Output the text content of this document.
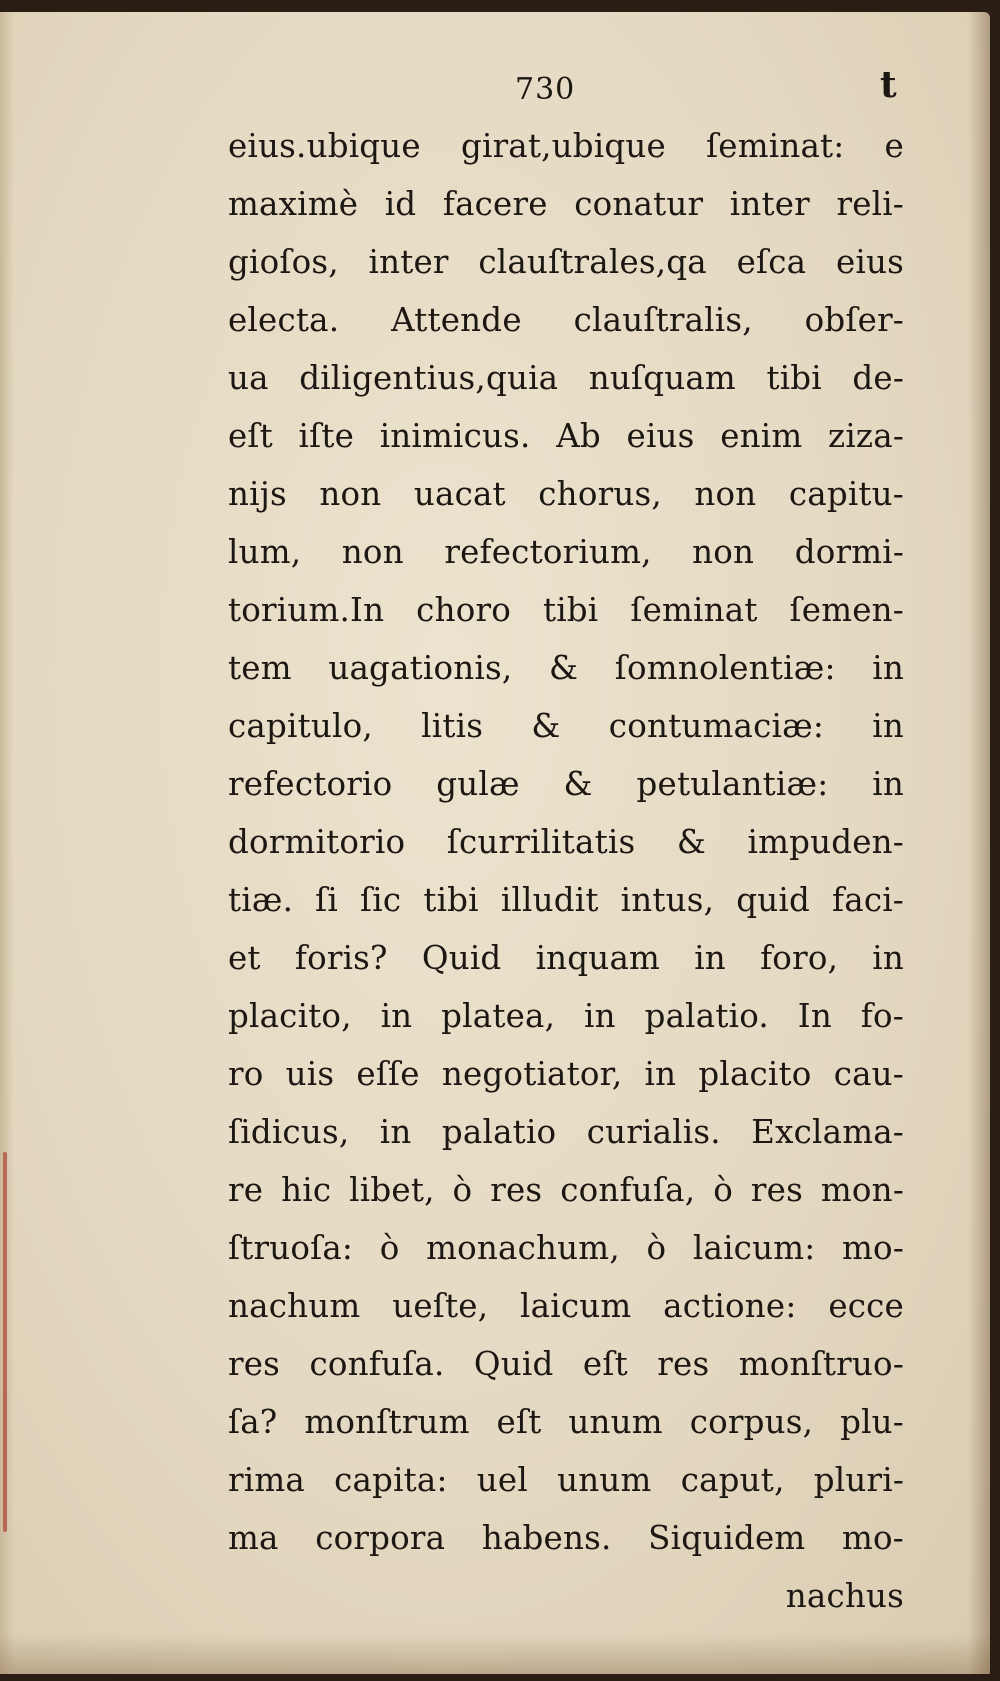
730	t
eius.ubique girat,ubique ſeminat: e
maximè id facere conatur inter reli-
gioſos, inter clauſtrales,qa eſca eius
electa. Attende clauſtralis, obſer-
ua diligentius,quia nuſquam tibi de-
eſt iſte inimicus. Ab eius enim ziza-
nijs non uacat chorus, non capitu-
lum, non refectorium, non dormi-
torium.In choro tibi ſeminat ſemen-
tem uagationis, & ſomnolentiæ: in
capitulo, litis & contumaciæ: in
refectorio gulæ & petulantiæ: in
dormitorio ſcurrilitatis & impuden-
tiæ. ſi ſic tibi illudit intus, quid faci-
et foris? Quid inquam in foro, in
placito, in platea, in palatio. In fo-
ro uis eſſe negotiator, in placito cau-
ſidicus, in palatio curialis. Exclama-
re hic libet, ò res confuſa, ò res mon-
ſtruoſa: ò monachum, ò laicum: mo-
nachum ueſte, laicum actione: ecce
res confuſa. Quid eſt res monſtruo-
ſa? monſtrum eſt unum corpus, plu-
rima capita: uel unum caput, pluri-
ma corpora habens. Siquidem mo-
nachus
